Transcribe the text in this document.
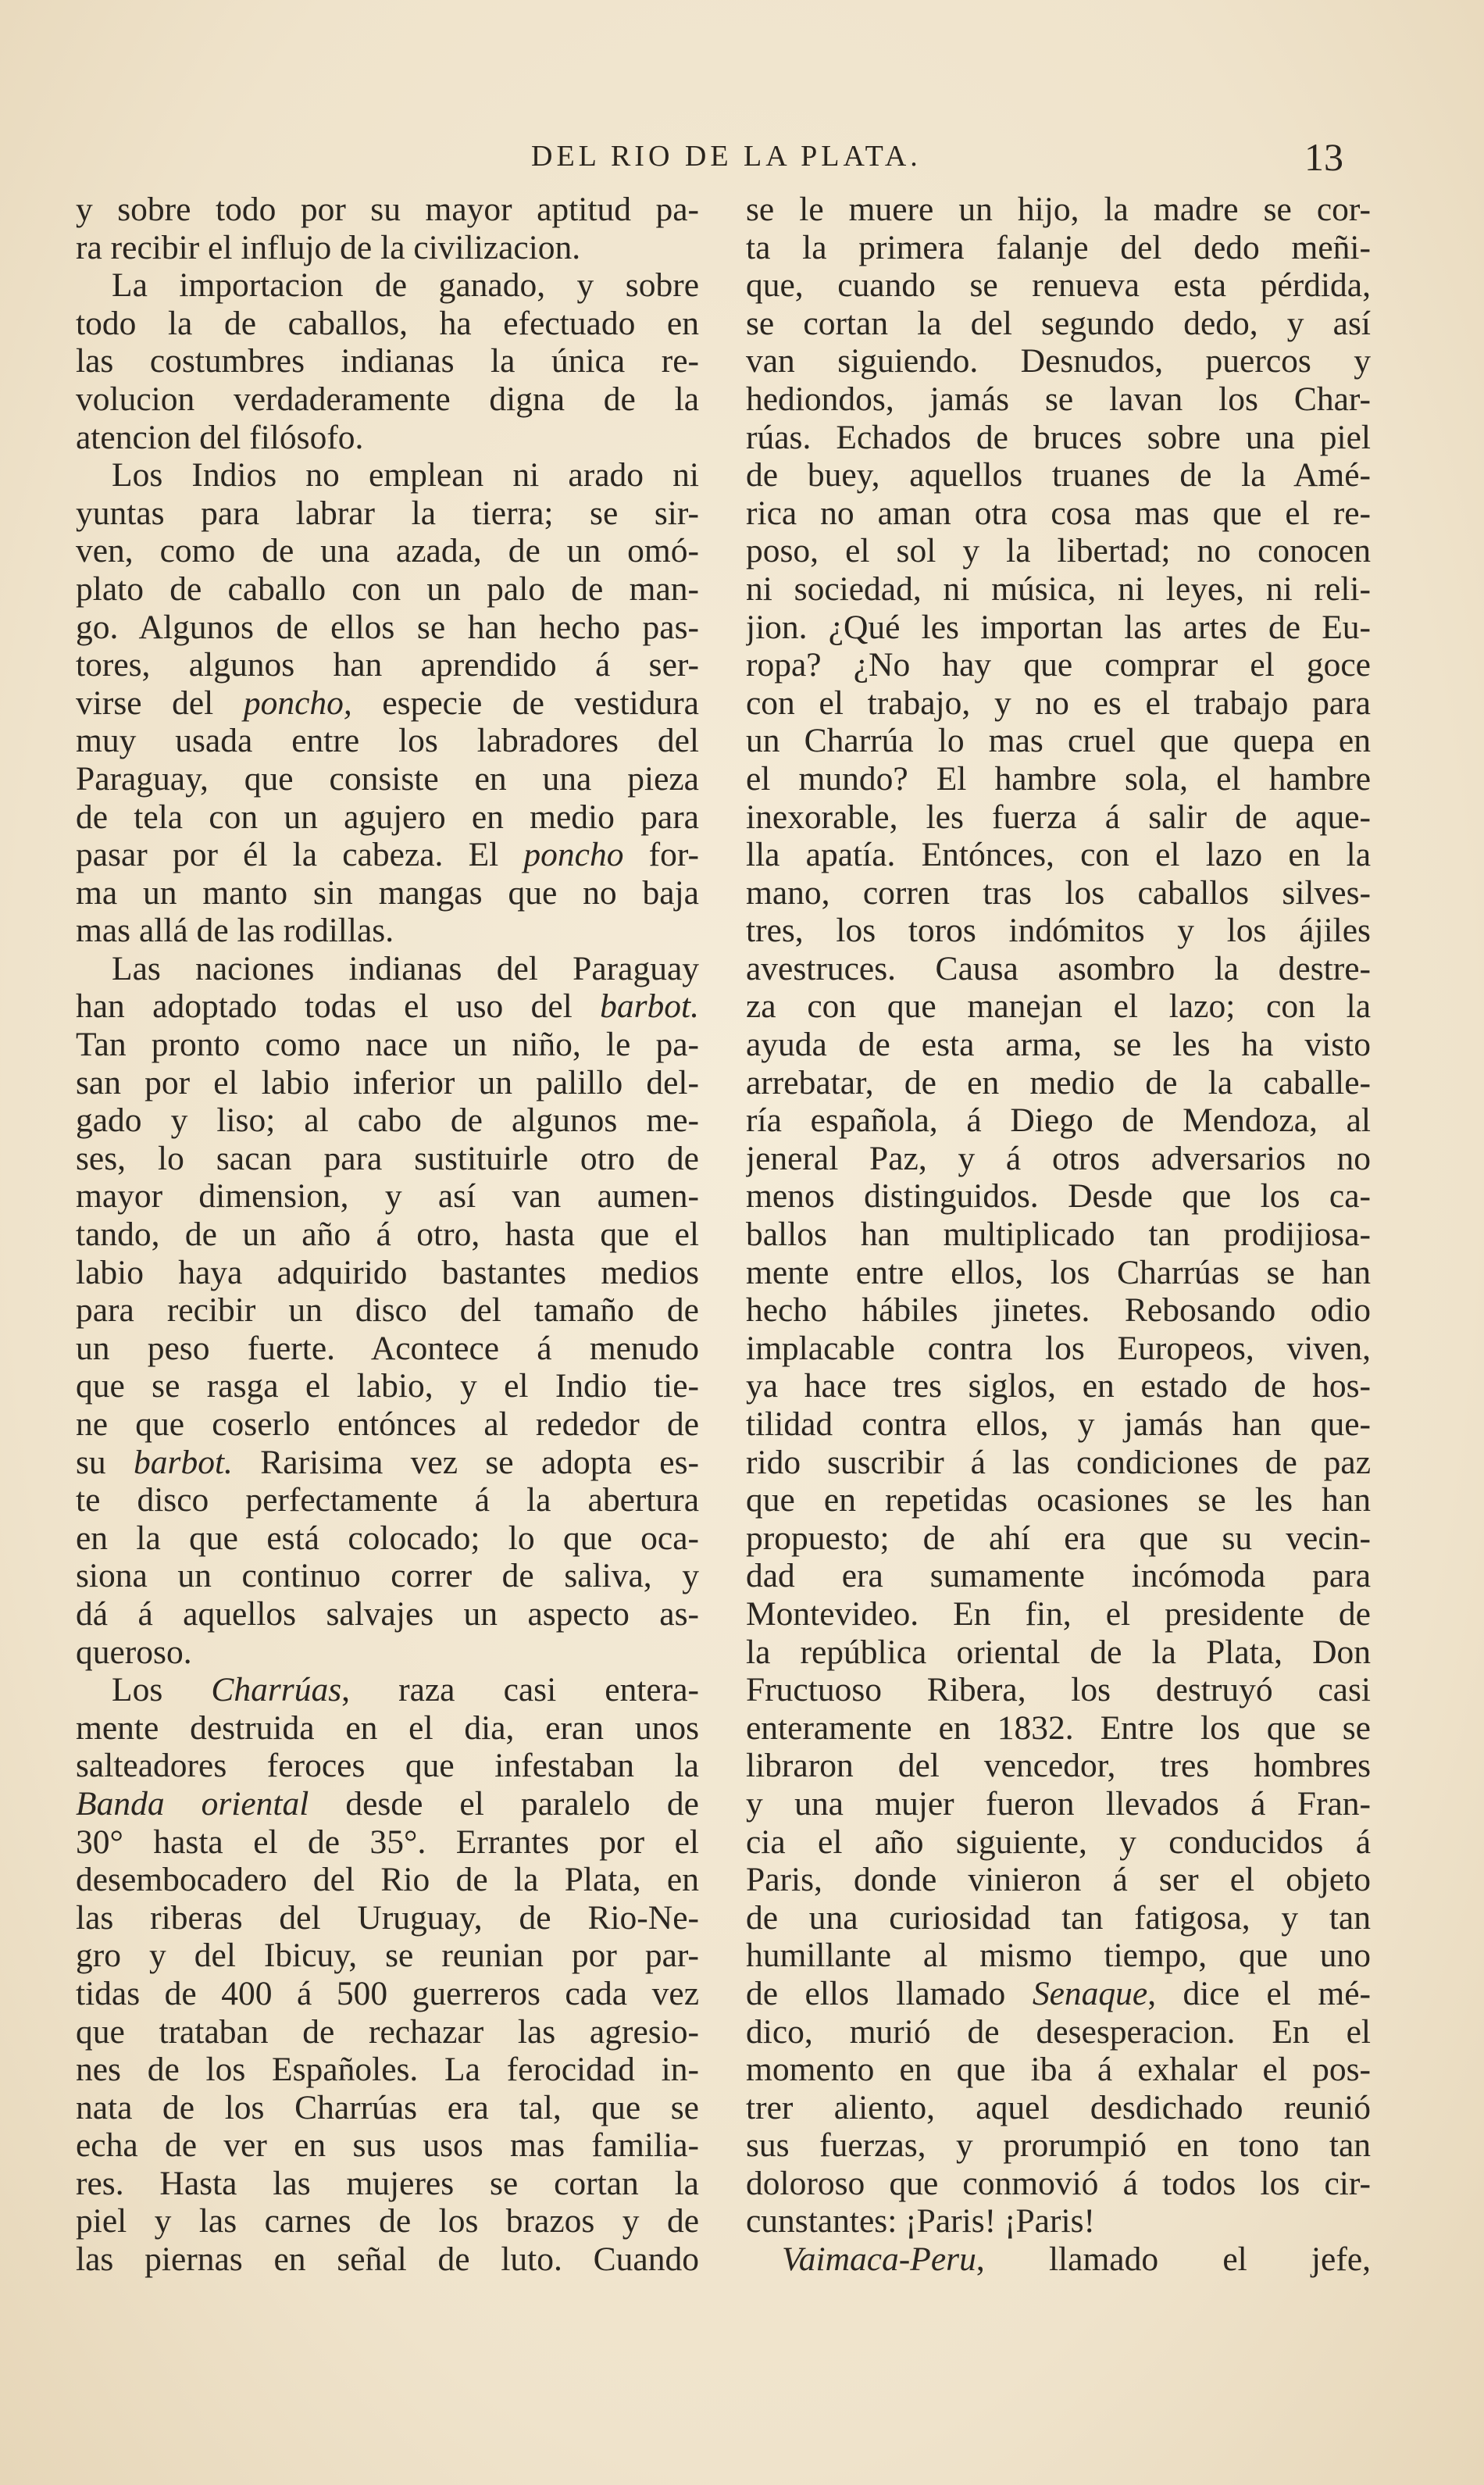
DEL RIO DE LA PLATA.	13
y sobre todo por su mayor aptitud pa-
ra recibir el influjo de la civilizacion.
La importacion de ganado, y sobre
todo la de caballos, ha efectuado en
las costumbres indianas la única re-
volucion verdaderamente digna de la
atencion del filósofo.
Los Indios no emplean ni arado ni
yuntas para labrar la tierra; se sir-
ven, como de una azada, de un omó-
plato de caballo con un palo de man-
go. Algunos de ellos se han hecho pas-
tores, algunos han aprendido á ser-
virse del poncho, especie de vestidura
muy usada entre los labradores del
Paraguay, que consiste en una pieza
de tela con un agujero en medio para
pasar por él la cabeza. El poncho for-
ma un manto sin mangas que no baja
mas allá de las rodillas.
Las naciones indianas del Paraguay
han adoptado todas el uso del barbot.
Tan pronto como nace un niño, le pa-
san por el labio inferior un palillo del-
gado y liso; al cabo de algunos me-
ses, lo sacan para sustituirle otro de
mayor dimension, y así van aumen-
tando, de un año á otro, hasta que el
labio haya adquirido bastantes medios
para recibir un disco del tamaño de
un peso fuerte. Acontece á menudo
que se rasga el labio, y el Indio tie-
ne que coserlo entónces al rededor de
su barbot. Rarisima vez se adopta es-
te disco perfectamente á la abertura
en la que está colocado; lo que oca-
siona un continuo correr de saliva, y
dá á aquellos salvajes un aspecto as-
queroso.
Los Charrúas, raza casi entera-
mente destruida en el dia, eran unos
salteadores feroces que infestaban la
Banda oriental desde el paralelo de
30° hasta el de 35°. Errantes por el
desembocadero del Rio de la Plata, en
las riberas del Uruguay, de Rio-Ne-
gro y del Ibicuy, se reunian por par-
tidas de 400 á 500 guerreros cada vez
que trataban de rechazar las agresio-
nes de los Españoles. La ferocidad in-
nata de los Charrúas era tal, que se
echa de ver en sus usos mas familia-
res. Hasta las mujeres se cortan la
piel y las carnes de los brazos y de
las piernas en señal de luto. Cuando
se le muere un hijo, la madre se cor-
ta la primera falanje del dedo meñi-
que, cuando se renueva esta pérdida,
se cortan la del segundo dedo, y así
van siguiendo. Desnudos, puercos y
hediondos, jamás se lavan los Char-
rúas. Echados de bruces sobre una piel
de buey, aquellos truanes de la Amé-
rica no aman otra cosa mas que el re-
poso, el sol y la libertad; no conocen
ni sociedad, ni música, ni leyes, ni reli-
jion. ¿Qué les importan las artes de Eu-
ropa? ¿No hay que comprar el goce
con el trabajo, y no es el trabajo para
un Charrúa lo mas cruel que quepa en
el mundo? El hambre sola, el hambre
inexorable, les fuerza á salir de aque-
lla apatía. Entónces, con el lazo en la
mano, corren tras los caballos silves-
tres, los toros indómitos y los ájiles
avestruces. Causa asombro la destre-
za con que manejan el lazo; con la
ayuda de esta arma, se les ha visto
arrebatar, de en medio de la caballe-
ría española, á Diego de Mendoza, al
jeneral Paz, y á otros adversarios no
menos distinguidos. Desde que los ca-
ballos han multiplicado tan prodijiosa-
mente entre ellos, los Charrúas se han
hecho hábiles jinetes. Rebosando odio
implacable contra los Europeos, viven,
ya hace tres siglos, en estado de hos-
tilidad contra ellos, y jamás han que-
rido suscribir á las condiciones de paz
que en repetidas ocasiones se les han
propuesto; de ahí era que su vecin-
dad era sumamente incómoda para
Montevideo. En fin, el presidente de
la república oriental de la Plata, Don
Fructuoso Ribera, los destruyó casi
enteramente en 1832. Entre los que se
libraron del vencedor, tres hombres
y una mujer fueron llevados á Fran-
cia el año siguiente, y conducidos á
Paris, donde vinieron á ser el objeto
de una curiosidad tan fatigosa, y tan
humillante al mismo tiempo, que uno
de ellos llamado Senaque, dice el mé-
dico, murió de desesperacion. En el
momento en que iba á exhalar el pos-
trer aliento, aquel desdichado reunió
sus fuerzas, y prorumpió en tono tan
doloroso que conmovió á todos los cir-
cunstantes: ¡Paris! ¡Paris!
Vaimaca-Peru, llamado el jefe,
